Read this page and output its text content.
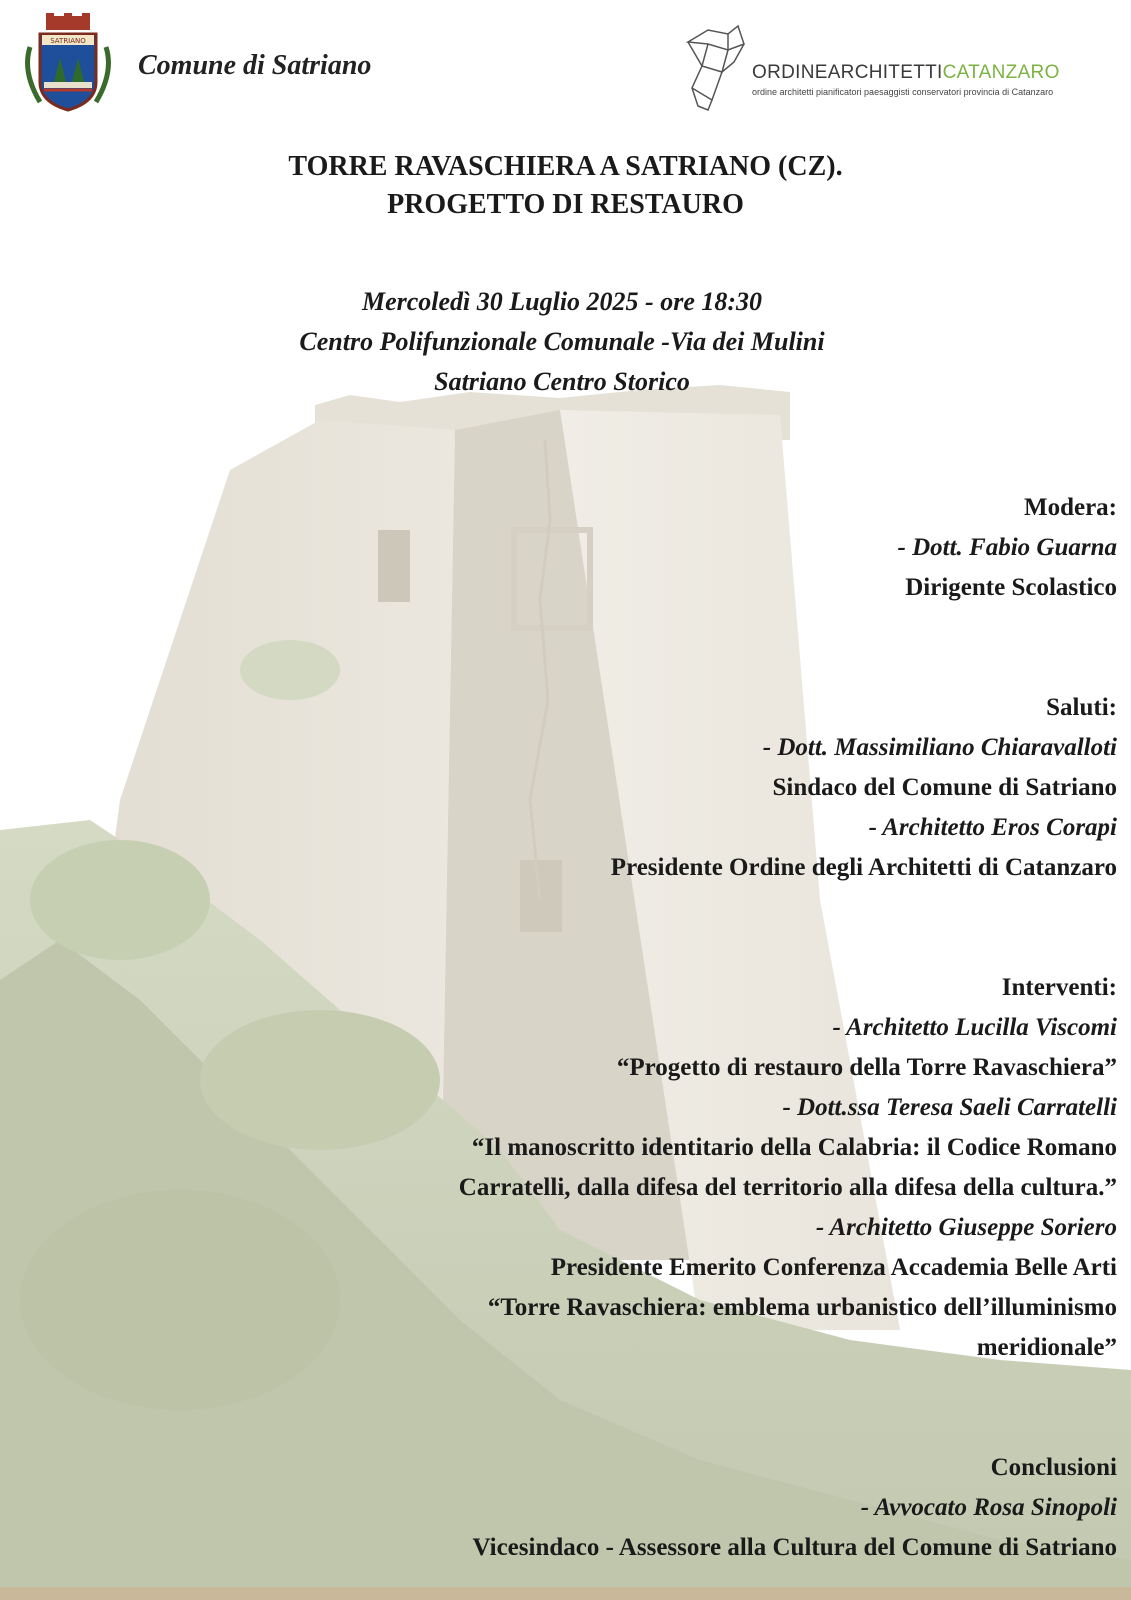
SATRIANO
Comune di Satriano	ORDINEARCHITETTICATANZARO
ordine architetti pianificatori paesaggisti conservatori provincia di Catanzaro
TORRE RAVASCHIERA A SATRIANO (CZ).
PROGETTO DI RESTAURO
Mercoledì 30 Luglio 2025 - ore 18:30
Centro Polifunzionale Comunale -Via dei Mulini
Satriano Centro Storico
Modera:
- Dott. Fabio Guarna
Dirigente Scolastico
Saluti:
- Dott. Massimiliano Chiaravalloti
Sindaco del Comune di Satriano
- Architetto Eros Corapi
Presidente Ordine degli Architetti di Catanzaro
Interventi:
- Architetto Lucilla Viscomi
“Progetto di restauro della Torre Ravaschiera”
- Dott.ssa Teresa Saeli Carratelli
“Il manoscritto identitario della Calabria: il Codice Romano
Carratelli, dalla difesa del territorio alla difesa della cultura.”
- Architetto Giuseppe Soriero
Presidente Emerito Conferenza Accademia Belle Arti
“Torre Ravaschiera: emblema urbanistico dell’illuminismo
meridionale”
Conclusioni
- Avvocato Rosa Sinopoli
Vicesindaco - Assessore alla Cultura del Comune di Satriano
